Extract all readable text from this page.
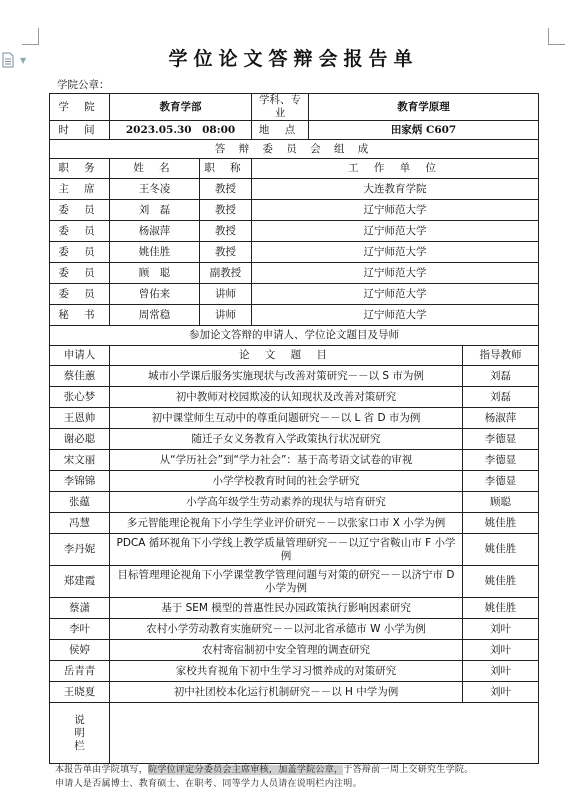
▼	学位论文答辩会报告单
学院公章：
学 院	教育学部		学科、专业	教育学原理	
时 间	2023.05.30　08:00		地 点	田家炳 C607	
答 辩 委 员 会 组 成					
职 务	姓 名	职 称	工 作 单 位		
主 席	王冬凌	教授	大连教育学院		
委 员	刘　磊	教授	辽宁师范大学		
委 员	杨淑萍	教授	辽宁师范大学		
委 员	姚佳胜	教授	辽宁师范大学		
委 员	顾　聪	副教授	辽宁师范大学		
委 员	曾佑来	讲师	辽宁师范大学		
秘 书	周常稳	讲师	辽宁师范大学		
参加论文答辩的申请人、学位论文题目及导师					
申请人	论 文 题 目				指导教师
蔡佳蕙	城市小学课后服务实施现状与改善对策研究－－以 S 市为例				刘磊
张心梦	初中教师对校园欺凌的认知现状及改善对策研究				刘磊
王恩帅	初中课堂师生互动中的尊重问题研究－－以 L 省 D 市为例				杨淑萍
谢必聪	随迁子女义务教育入学政策执行状况研究				李德显
宋文丽	从“学历社会”到“学力社会”：基于高考语文试卷的审视				李德显
李锦锦	小学学校教育时间的社会学研究				李德显
张蕴	小学高年级学生劳动素养的现状与培育研究				顾聪
冯慧	多元智能理论视角下小学生学业评价研究－－以张家口市 X 小学为例				姚佳胜
李丹妮	PDCA 循环视角下小学线上教学质量管理研究－－以辽宁省鞍山市 F 小学例				姚佳胜
郑建霞	目标管理理论视角下小学课堂教学管理问题与对策的研究－－以济宁市 D 小学为例				姚佳胜
蔡潇	基于 SEM 模型的普惠性民办园政策执行影响因素研究				姚佳胜
李叶	农村小学劳动教育实施研究－－以河北省承德市 W 小学为例				刘叶
侯婷	农村寄宿制初中安全管理的调查研究				刘叶
岳青青	家校共育视角下初中生学习习惯养成的对策研究				刘叶
王晓夏	初中社团校本化运行机制研究－－以 H 中学为例				刘叶

说
明
栏					

本报告单由学院填写，院学位评定分委员会主席审核，加盖学院公章，于答辩前一周上交研究生学院。
申请人是否属博士、教育硕士、在职考、同等学力人员请在说明栏内注明。
